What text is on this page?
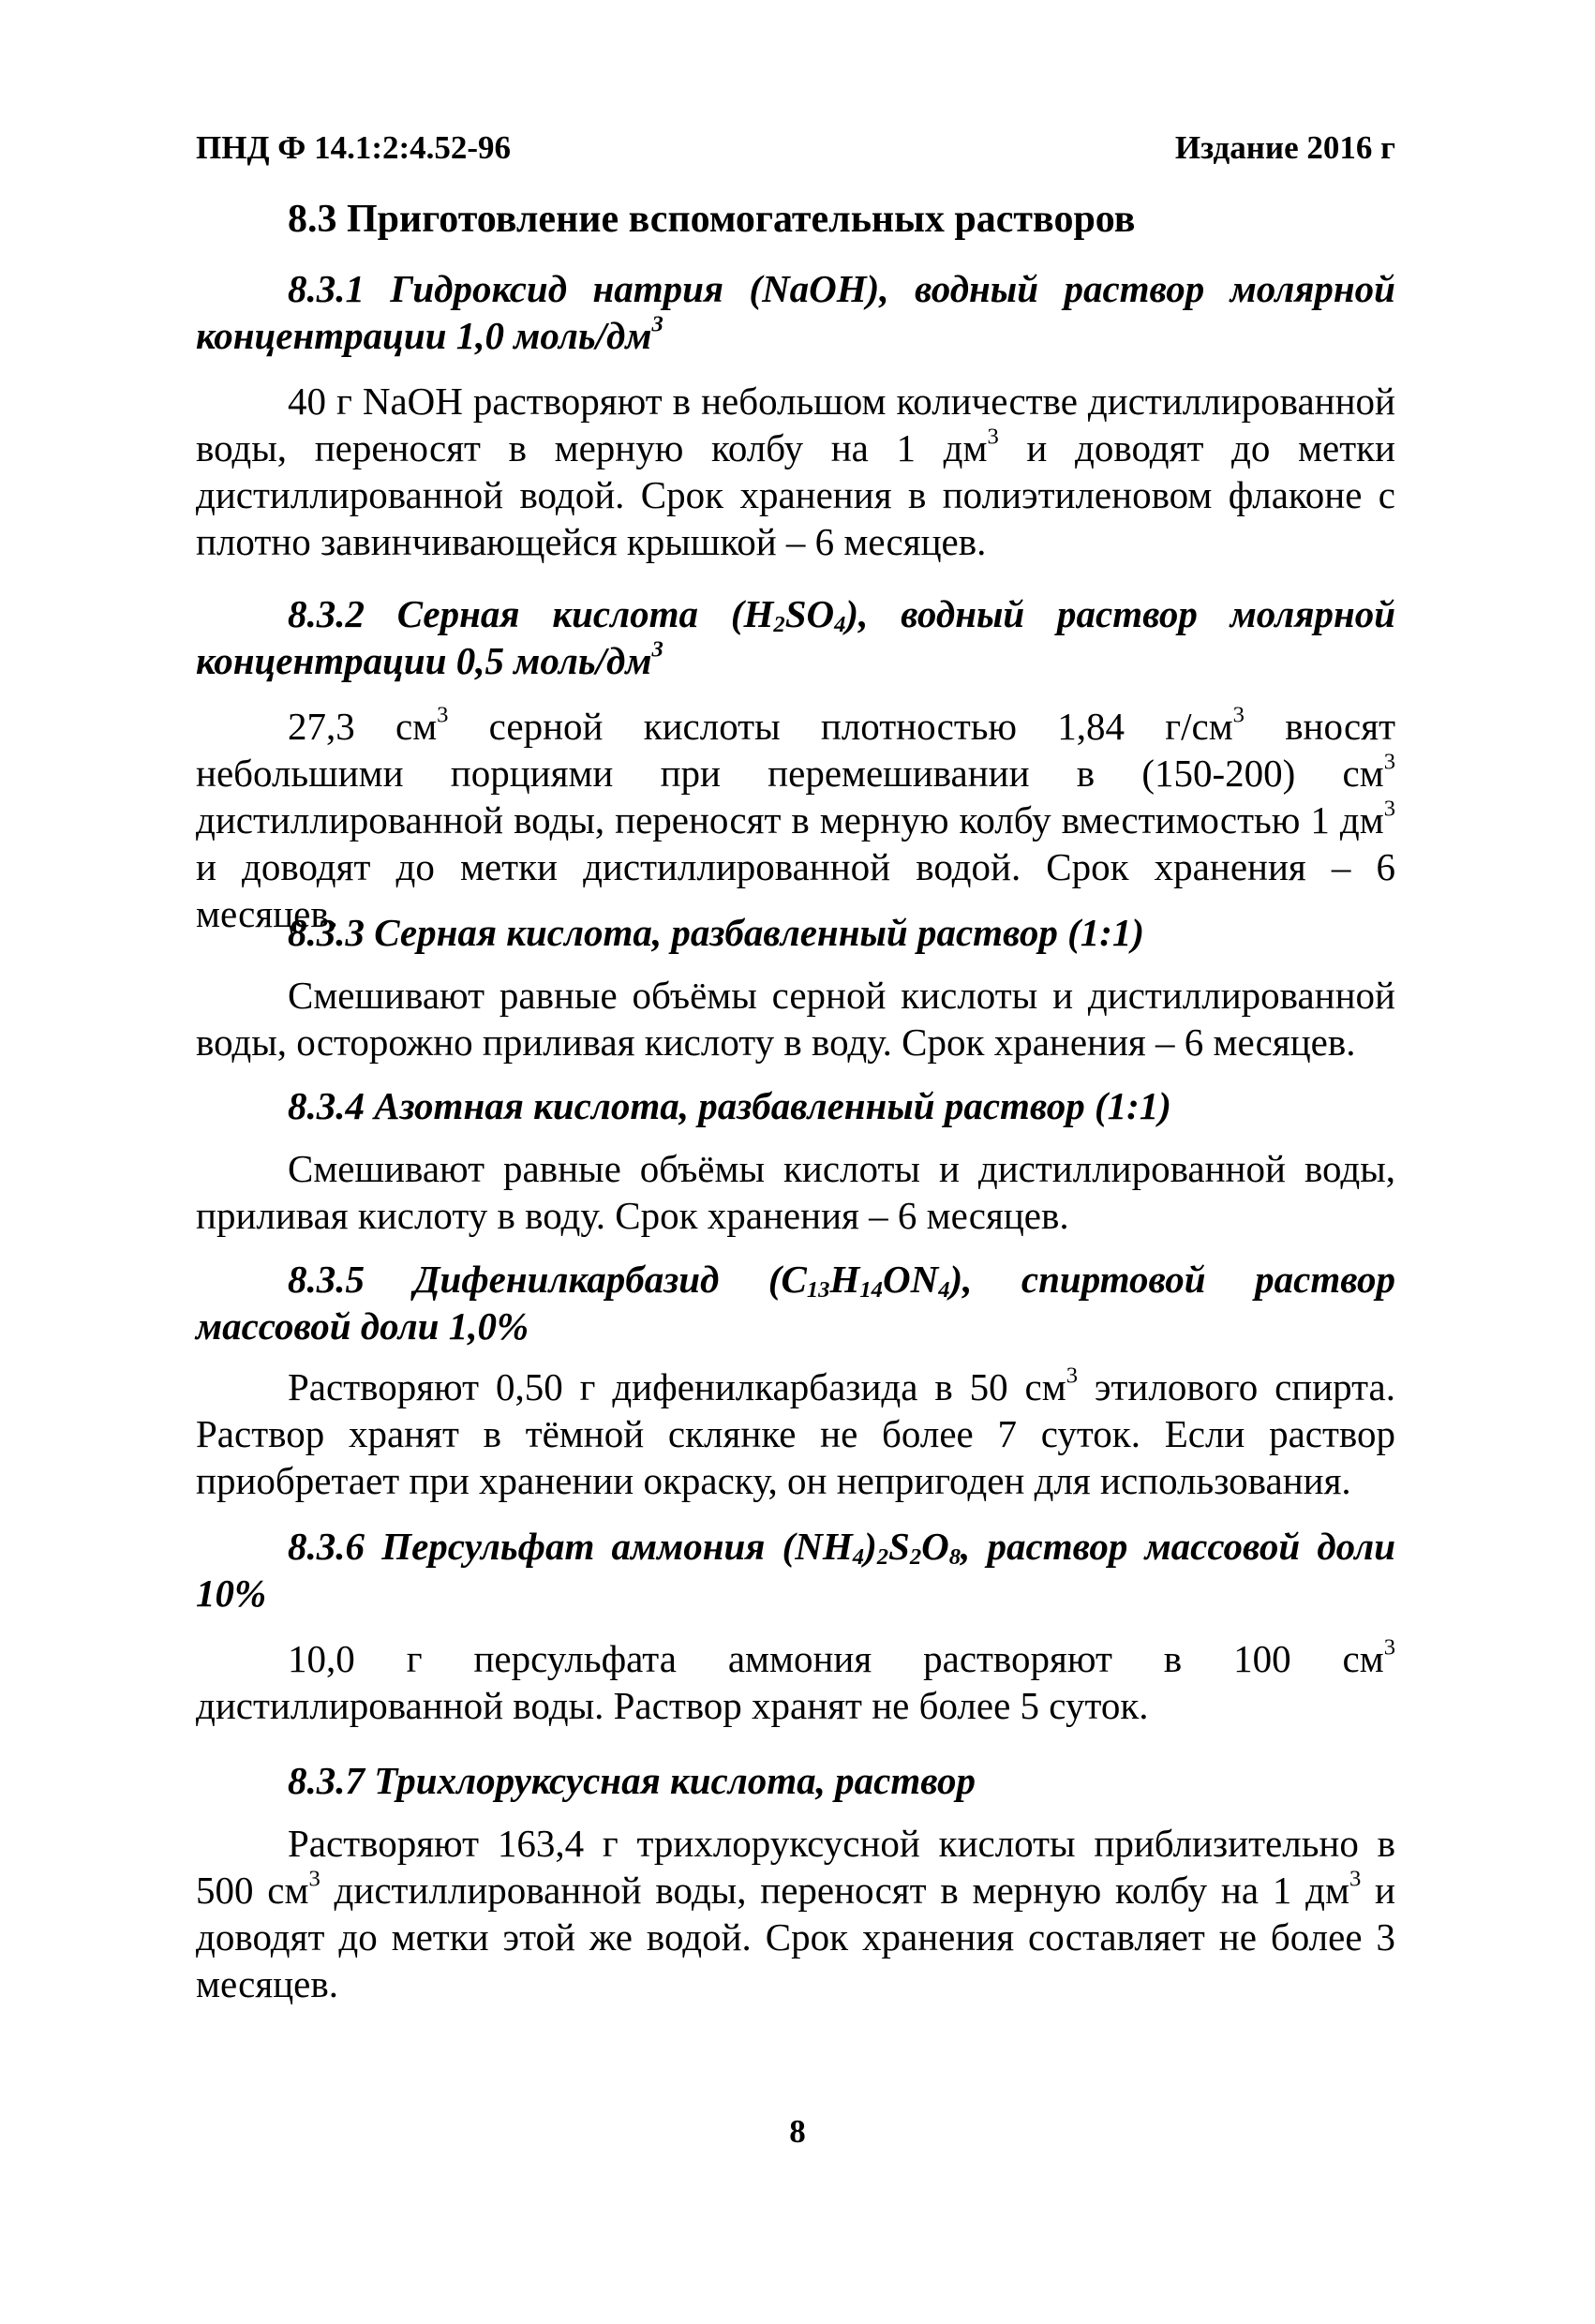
ПНД Ф 14.1:2:4.52-96	Издание 2016 г
8.3 Приготовление вспомогательных растворов

8.3.1 Гидроксид натрия (NaOH), водный раствор молярной концентрации 1,0 моль/$дм^3$

40 г NaOH растворяют в небольшом количестве дистиллированной воды, переносят в мерную колбу на 1 $дм^3$ и доводят до метки дистиллированной водой. Срок хранения в полиэтиленовом флаконе с плотно завинчивающейся крышкой – 6 месяцев.

8.3.2 Серная кислота $(H_2SO_4)$, водный раствор молярной концентрации 0,5 моль/$дм^3$

27,3 $см^3$ серной кислоты плотностью 1,84 $г/см^3$ вносят небольшими порциями при перемешивании в (150-200) $см^3$ дистиллированной воды, переносят в мерную колбу вместимостью 1 $дм^3$ и доводят до метки дистиллированной водой. Срок хранения – 6 месяцев.

8.3.3 Серная кислота, разбавленный раствор (1:1)

Смешивают равные объёмы серной кислоты и дистиллированной воды, осторожно приливая кислоту в воду. Срок хранения – 6 месяцев.

8.3.4 Азотная кислота, разбавленный раствор (1:1)

Смешивают равные объёмы кислоты и дистиллированной воды, приливая кислоту в воду. Срок хранения – 6 месяцев.

8.3.5 Дифенилкарбазид $(C_{13}H_{14}ON_4)$, спиртовой раствор массовой доли 1,0%

Растворяют 0,50 г дифенилкарбазида в 50 $см^3$ этилового спирта. Раствор хранят в тёмной склянке не более 7 суток. Если раствор приобретает при хранении окраску, он непригоден для использования.

8.3.6 Персульфат аммония $(NH_4)_2S_2O_8$, раствор массовой доли 10%

10,0 г персульфата аммония растворяют в 100 $см^3$ дистиллированной воды. Раствор хранят не более 5 суток.

8.3.7 Трихлоруксусная кислота, раствор

Растворяют 163,4 г трихлоруксусной кислоты приблизительно в 500 $см^3$ дистиллированной воды, переносят в мерную колбу на 1 $дм^3$ и доводят до метки этой же водой. Срок хранения составляет не более 3 месяцев.

8
